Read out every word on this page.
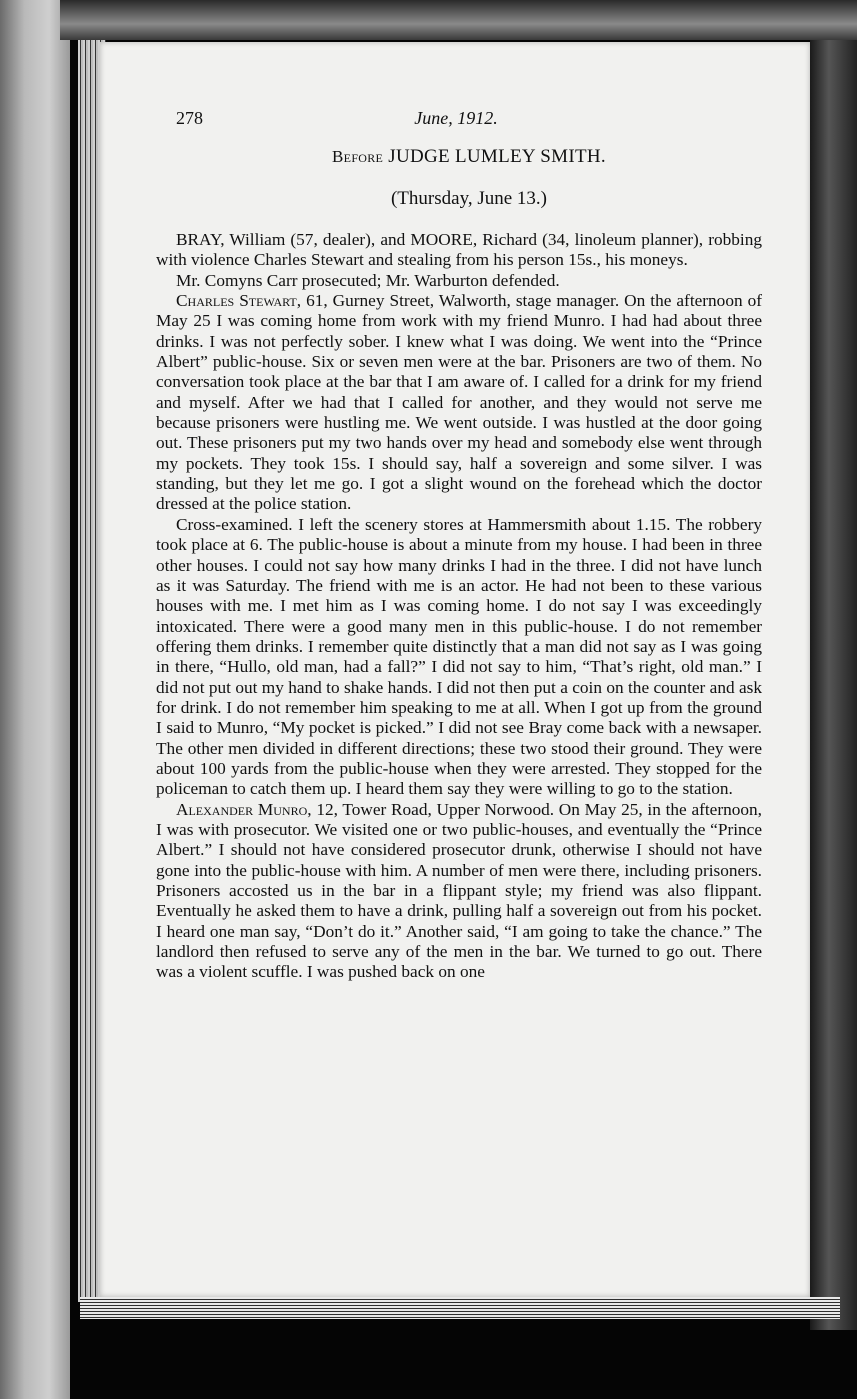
278	June, 1912.
Before JUDGE LUMLEY SMITH.
(Thursday, June 13.)

BRAY, William (57, dealer), and MOORE, Richard (34, linoleum planner), robbing with violence Charles Stewart and stealing from his person 15s., his moneys.

Mr. Comyns Carr prosecuted; Mr. Warburton defended.

Charles Stewart, 61, Gurney Street, Walworth, stage manager. On the afternoon of May 25 I was coming home from work with my friend Munro. I had had about three drinks. I was not perfectly sober. I knew what I was doing. We went into the “Prince Albert” public-house. Six or seven men were at the bar. Prisoners are two of them. No conversation took place at the bar that I am aware of. I called for a drink for my friend and myself. After we had that I called for another, and they would not serve me because prisoners were hustling me. We went outside. I was hustled at the door going out. These prisoners put my two hands over my head and somebody else went through my pockets. They took 15s. I should say, half a sovereign and some silver. I was standing, but they let me go. I got a slight wound on the forehead which the doctor dressed at the police station.

Cross-examined. I left the scenery stores at Hammersmith about 1.15. The robbery took place at 6. The public-house is about a minute from my house. I had been in three other houses. I could not say how many drinks I had in the three. I did not have lunch as it was Saturday. The friend with me is an actor. He had not been to these various houses with me. I met him as I was coming home. I do not say I was exceedingly intoxicated. There were a good many men in this public-house. I do not remember offering them drinks. I remember quite distinctly that a man did not say as I was going in there, “Hullo, old man, had a fall?” I did not say to him, “That’s right, old man.” I did not put out my hand to shake hands. I did not then put a coin on the counter and ask for drink. I do not remember him speaking to me at all. When I got up from the ground I said to Munro, “My pocket is picked.” I did not see Bray come back with a newsaper. The other men divided in different directions; these two stood their ground. They were about 100 yards from the public-house when they were arrested. They stopped for the policeman to catch them up. I heard them say they were willing to go to the station.

Alexander Munro, 12, Tower Road, Upper Norwood. On May 25, in the afternoon, I was with prosecutor. We visited one or two public-houses, and eventually the “Prince Albert.” I should not have considered prosecutor drunk, otherwise I should not have gone into the public-house with him. A number of men were there, including prisoners. Prisoners accosted us in the bar in a flippant style; my friend was also flippant. Eventually he asked them to have a drink, pulling half a sovereign out from his pocket. I heard one man say, “Don’t do it.” Another said, “I am going to take the chance.” The landlord then refused to serve any of the men in the bar. We turned to go out. There was a violent scuffle. I was pushed back on one
